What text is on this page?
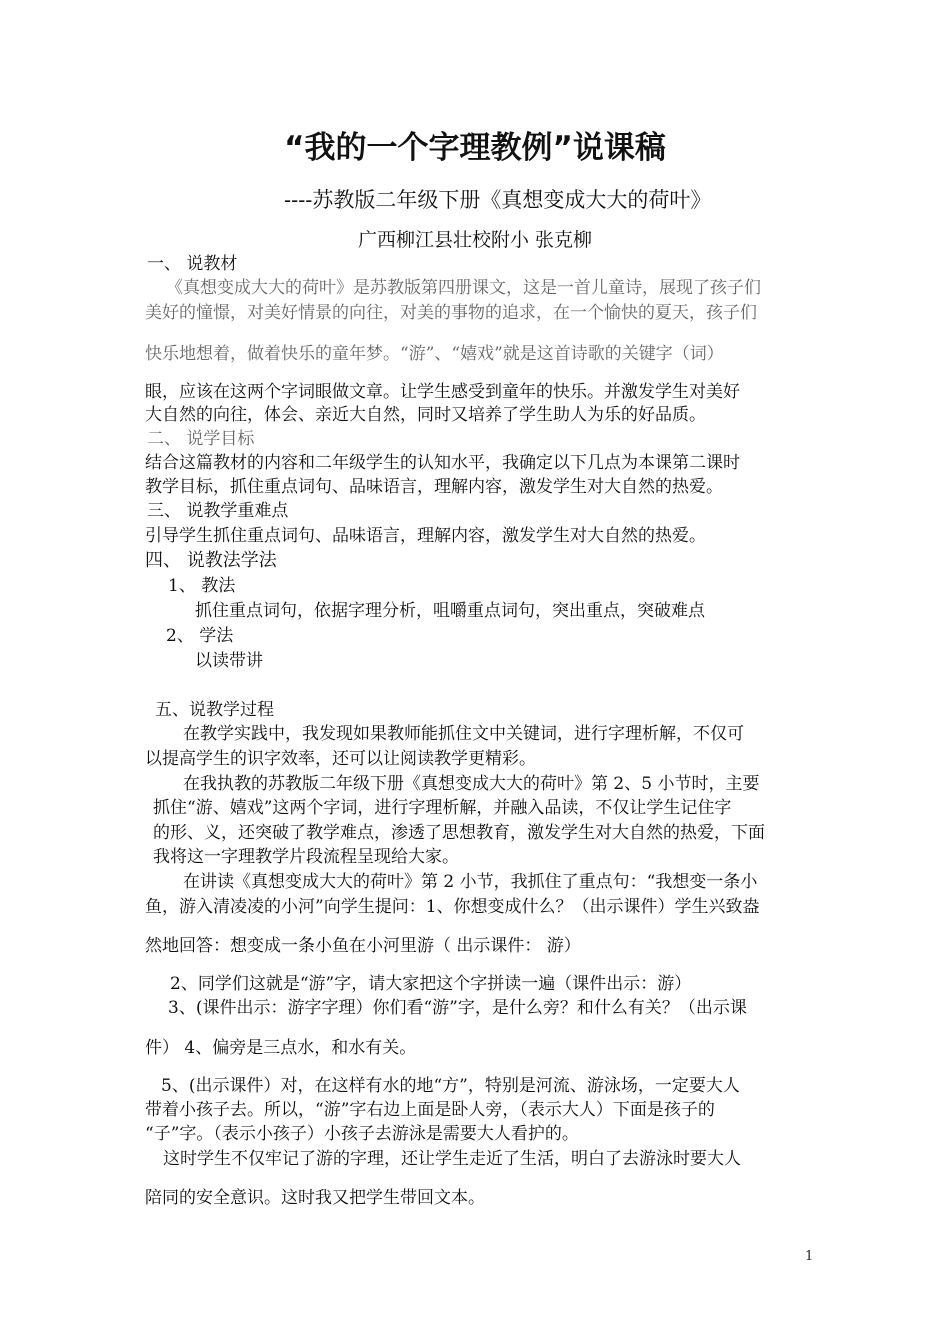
“我的一个字理教例”说课稿
----苏教版二年级下册《真想变成大大的荷叶》
广西柳江县壮校附小 张克柳
一、 说教材
《真想变成大大的荷叶》是苏教版第四册课文，这是一首儿童诗，展现了孩子们
美好的憧憬，对美好情景的向往，对美的事物的追求，在一个愉快的夏天，孩子们
快乐地想着，做着快乐的童年梦。“游”、“嬉戏”就是这首诗歌的关键字（词）
眼，应该在这两个字词眼做文章。让学生感受到童年的快乐。并激发学生对美好
大自然的向往，体会、亲近大自然，同时又培养了学生助人为乐的好品质。
二、 说学目标
结合这篇教材的内容和二年级学生的认知水平，我确定以下几点为本课第二课时
教学目标，抓住重点词句、品味语言，理解内容，激发学生对大自然的热爱。
三、 说教学重难点
引导学生抓住重点词句、品味语言，理解内容，激发学生对大自然的热爱。
四、 说教法学法
1、 教法
抓住重点词句，依据字理分析，咀嚼重点词句，突出重点，突破难点
2、 学法
以读带讲
五、说教学过程
在教学实践中，我发现如果教师能抓住文中关键词，进行字理析解，不仅可
以提高学生的识字效率，还可以让阅读教学更精彩。
在我执教的苏教版二年级下册《真想变成大大的荷叶》第 2、5 小节时，主要
抓住“游、嬉戏”这两个字词，进行字理析解，并融入品读，不仅让学生记住字
的形、义，还突破了教学难点，渗透了思想教育，激发学生对大自然的热爱，下面
我将这一字理教学片段流程呈现给大家。
在讲读《真想变成大大的荷叶》第 2 小节，我抓住了重点句：“我想变一条小
鱼，游入清凌凌的小河”向学生提问：1、你想变成什么？（出示课件）学生兴致盎
然地回答：想变成一条小鱼在小河里游（ 出示课件： 游）
2、同学们这就是“游”字，请大家把这个字拼读一遍（课件出示：游）
3、(课件出示：游字字理）你们看“游”字，是什么旁？和什么有关？（出示课
件） 4、偏旁是三点水，和水有关。
5、(出示课件）对，在这样有水的地“方”，特别是河流、游泳场，一定要大人
带着小孩子去。所以，“游”字右边上面是卧人旁，（表示大人）下面是孩子的
“子”字。（表示小孩子）小孩子去游泳是需要大人看护的。
这时学生不仅牢记了游的字理，还让学生走近了生活，明白了去游泳时要大人
陪同的安全意识。这时我又把学生带回文本。
1
